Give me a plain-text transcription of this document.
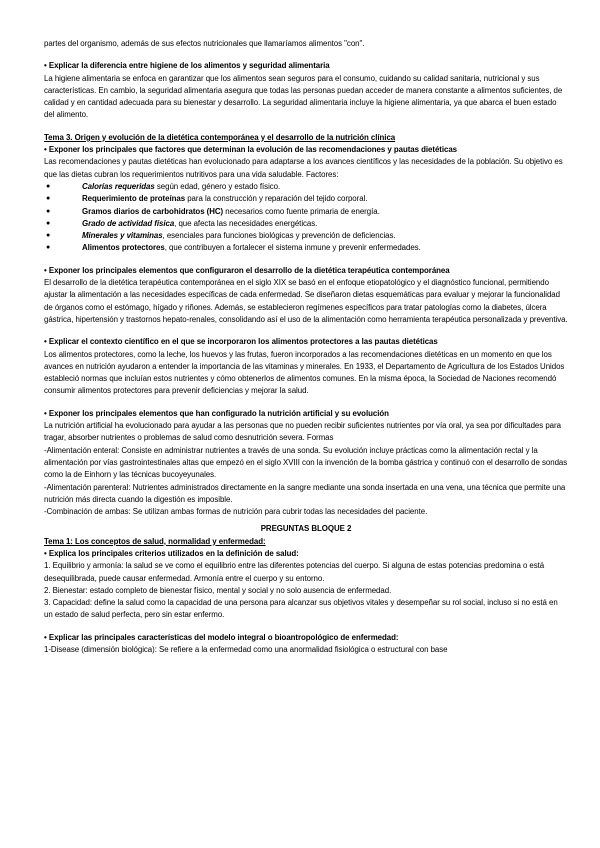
partes del organismo, además de sus efectos nutricionales que llamaríamos alimentos "con".

• Explicar la diferencia entre higiene de los alimentos y seguridad alimentaria

La higiene alimentaria se enfoca en garantizar que los alimentos sean seguros para el consumo, cuidando su calidad sanitaria, nutricional y sus características. En cambio, la seguridad alimentaria asegura que todas las personas puedan acceder de manera constante a alimentos suficientes, de calidad y en cantidad adecuada para su bienestar y desarrollo. La seguridad alimentaria incluye la higiene alimentaria, ya que abarca el buen estado del alimento.

Tema 3. Origen y evolución de la dietética contemporánea y el desarrollo de la nutrición clínica

• Exponer los principales que factores que determinan la evolución de las recomendaciones y pautas dietéticas

Las recomendaciones y pautas dietéticas han evolucionado para adaptarse a los avances científicos y las necesidades de la población. Su objetivo es que las dietas cubran los requerimientos nutritivos para una vida saludable. Factores:

● Calorías requeridas según edad, género y estado físico.
● Requerimiento de proteínas para la construcción y reparación del tejido corporal.
● Gramos diarios de carbohidratos (HC) necesarios como fuente primaria de energía.
● Grado de actividad física, que afecta las necesidades energéticas.
● Minerales y vitaminas, esenciales para funciones biológicas y prevención de deficiencias.
● Alimentos protectores, que contribuyen a fortalecer el sistema inmune y prevenir enfermedades.

• Exponer los principales elementos que configuraron el desarrollo de la dietética terapéutica contemporánea

El desarrollo de la dietética terapéutica contemporánea en el siglo XIX se basó en el enfoque etiopatológico y el diagnóstico funcional, permitiendo ajustar la alimentación a las necesidades específicas de cada enfermedad. Se diseñaron dietas esquemáticas para evaluar y mejorar la funcionalidad de órganos como el estómago, hígado y riñones. Además, se establecieron regímenes específicos para tratar patologías como la diabetes, úlcera gástrica, hipertensión y trastornos hepato-renales, consolidando así el uso de la alimentación como herramienta terapéutica personalizada y preventiva.

• Explicar el contexto científico en el que se incorporaron los alimentos protectores a las pautas dietéticas

Los alimentos protectores, como la leche, los huevos y las frutas, fueron incorporados a las recomendaciones dietéticas en un momento en que los avances en nutrición ayudaron a entender la importancia de las vitaminas y minerales. En 1933, el Departamento de Agricultura de los Estados Unidos estableció normas que incluían estos nutrientes y cómo obtenerlos de alimentos comunes. En la misma época, la Sociedad de Naciones recomendó consumir alimentos protectores para prevenir deficiencias y mejorar la salud.

• Exponer los principales elementos que han configurado la nutrición artificial y su evolución

La nutrición artificial ha evolucionado para ayudar a las personas que no pueden recibir suficientes nutrientes por vía oral, ya sea por dificultades para tragar, absorber nutrientes o problemas de salud como desnutrición severa. Formas

-Alimentación enteral: Consiste en administrar nutrientes a través de una sonda. Su evolución incluye prácticas como la alimentación rectal y la alimentación por vías gastrointestinales altas que empezó en el siglo XVIII con la invención de la bomba gástrica y continuó con el desarrollo de sondas como la de Einhorn y las técnicas bucoyeyunales.

-Alimentación parenteral: Nutrientes administrados directamente en la sangre mediante una sonda insertada en una vena, una técnica que permite una nutrición más directa cuando la digestión es imposible.

-Combinación de ambas: Se utilizan ambas formas de nutrición para cubrir todas las necesidades del paciente.

PREGUNTAS BLOQUE 2

Tema 1: Los conceptos de salud, normalidad y enfermedad:

• Explica los principales criterios utilizados en la definición de salud:

1. Equilibrio y armonía: la salud se ve como el equilibrio entre las diferentes potencias del cuerpo. Si alguna de estas potencias predomina o está desequilibrada, puede causar enfermedad. Armonía entre el cuerpo y su entorno.

2. Bienestar: estado completo de bienestar físico, mental y social y no solo ausencia de enfermedad.

3. Capacidad: define la salud como la capacidad de una persona para alcanzar sus objetivos vitales y desempeñar su rol social, incluso si no está en un estado de salud perfecta, pero sin estar enfermo.

• Explicar las principales características del modelo integral o bioantropológico de enfermedad:

1-Disease (dimensión biológica): Se refiere a la enfermedad como una anormalidad fisiológica o estructural con base
